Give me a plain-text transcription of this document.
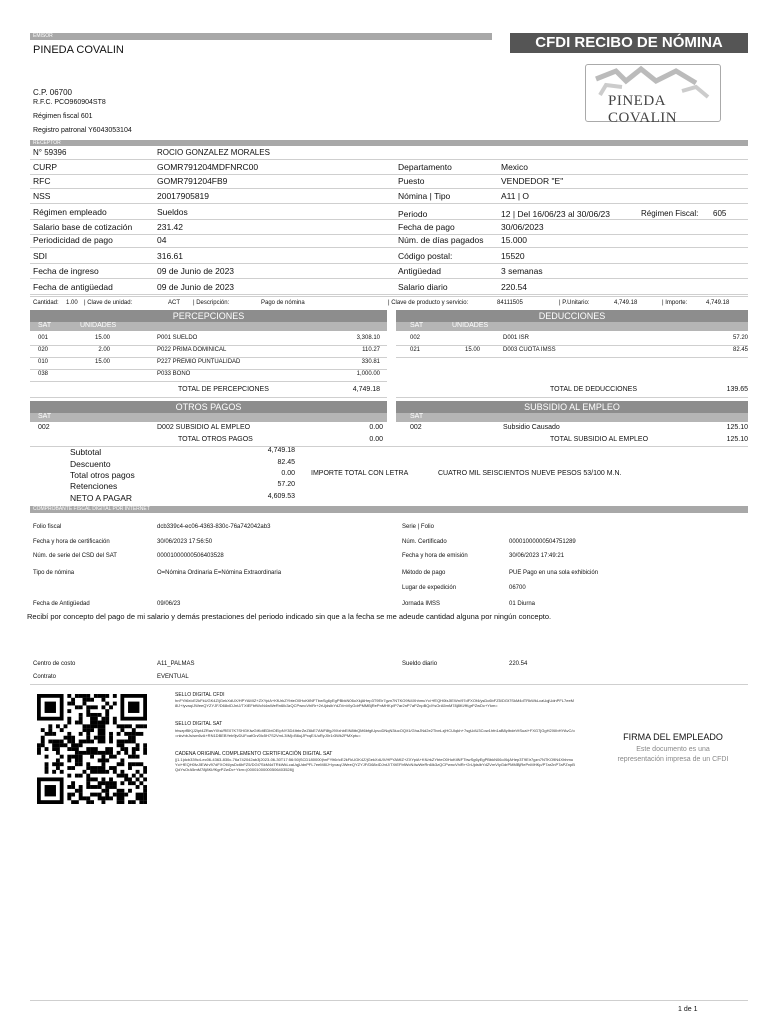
EMISOR
PINEDA COVALIN	CFDI RECIBO DE NÓMINA
PINEDA COVALIN
C.P. 06700
R.F.C. PCO960904ST8
Régimen fiscal 601
Registro patronal Y6043053104
RECEPTOR
N° 59396	ROCIO GONZALEZ MORALES
CURP	GOMR791204MDFNRC00
RFC	GOMR791204FB9
NSS	20017905819
Régimen empleado	Sueldos
Salario base de cotización	231.42
Periodicidad de pago	04
SDI	316.61
Fecha de ingreso	09 de Junio de 2023
Fecha de antigüedad	09 de Junio de 2023
Departamento	Mexico
Puesto	VENDEDOR "E"
Nómina | Tipo	A11 | O
Periodo	12 | Del 16/06/23 al 30/06/23
Fecha de pago	30/06/2023
Núm. de días pagados 15.000
Código postal:	15520
Antigüedad	3 semanas
Salario diario	220.54
Régimen Fiscal: 605
Cantidad: 1.00 | Clave de unidad:	ACT | Descripción:	Pago de nómina	| Clave de producto y servicio:	84111505	| P.Unitario:	4,749.18	| Importe:	4,749.18
PERCEPCIONES
SAT	UNIDADES
001	15.00	P001 SUELDO	3,308.10
020	2.00	P022 PRIMA DOMINICAL	110.27
010	15.00	P227 PREMIO PUNTUALIDAD	330.81
038	P033 BONO	1,000.00
TOTAL DE PERCEPCIONES	4,749.18
DEDUCCIONES
SAT	UNIDADES
002	D001 ISR	57.20
021	15.00	D003 CUOTA IMSS	82.45
TOTAL DE DEDUCCIONES	139.65
OTROS PAGOS
SAT
002	D002 SUBSIDIO AL EMPLEO	0.00
TOTAL OTROS PAGOS	0.00
SUBSIDIO AL EMPLEO
SAT
002	Subsidio Causado	125.10
TOTAL SUBSIDIO AL EMPLEO	125.10
Subtotal	4,749.18
Descuento	82.45
Total otros pagos	0.00
Retenciones	57.20
NETO A PAGAR	4,609.53
IMPORTE TOTAL CON LETRA	CUATRO MIL SEISCIENTOS NUEVE PESOS 53/100 M.N.
COMPROBANTE FISCAL DIGITAL POR INTERNET
Folio fiscal	dcb339c4-ec06-4363-830c-76a742042ab3
Fecha y hora de certificación	30/06/2023 17:56:50
Núm. de serie del CSD del SAT	00001000000506403528
Tipo de nómina	O=Nómina Ordinaria E=Nómina Extraordinaria
Fecha de Antigüedad	09/06/23
Serie | Folio
Núm. Certificado	00001000000504751289
Fecha y hora de emisión	30/06/2023 17:49:21
Método de pago	PUE Pago en una sola exhibición
Lugar de expedición	06700
Jornada IMSS	01 Diurna
Recibí por concepto del pago de mi salario y demás prestaciones del periodo indicado sin que a la fecha se me adeude cantidad alguna por ningún concepto.
Centro de costo	A11_PALMAS
Contrato	EVENTUAL
Sueldo diario	220.54
SELLO DIGITAL CFDI
hnFYlt6r/cE2kFkUGK4Z/jGekXdUX/HPYAMIZ+ZXYpiA+KfUrkZYbteO0HoKtlNFTbwSg6yEgPBbkN06oXkjAHep3T9Eir7gzn7NTKO9N4XhhmuYci+fEQH0fzJlEWn/97dFXOf4/ysDc6bFZ5/DGt7SkM4dTRkWkLcaUqjUdnPFL7eeM8lJ+Iyvaq/JWeeQYZYJF/D68xIDJntJ/TXtEFbfWcN4wWeRn6Ik3zQCPwncVhiRr+2rUjdslbYdZVmVlyGdrPMMBjRePnMHKp/P7ar2nP7aPZnpBQdYsOrA5mM78j8KI/fKgrPZwDc+Ykm=
SELLO DIGITAL SAT
htwzpfBKjJ2ipt4ZRasYtXsi/RE07K7SHGKlwGtKdtEDbtOEIpNY3D4ItrbrZeZ6kE7ANF8fgJ9XxhbEIN8tbQM6bfglUpvoDNqN3lucOQ/t1/GhaJNd2e2TivnLzjHCUIqkh+7sgUdU3Cow1hfn1aB8yIbdeVtSuaI+FXG7jGgH2XiIbHYAvC/o=nkvhbJs/sm6vA+RN1DBEBYeb9jvDUFoafGn/0lc5H7S2VmL3IMj=B6ujJPxqE/UuRyJ0r1r3Wk2PMXptu=
CADENA ORIGINAL COMPLEMENTO CERTIFICACIÓN DIGITAL SAT
||1.1|dcb339c4-ec06-4363-830c-76a742042ab3|2023-06-30T17:56:50|SCD180000|hnFYlt6r/cE2kFkUGK4Z/jGekXdUX/HPYAMIZ+ZXYpiA+KfUrkZYbteO0HoKtlNFTbwSg6yEgPBbkN06oXkjAHep3T9Eir7gzn7NTKO9N4XhhmuYci+fEQH0fzJlEWn/97dFXOf4/ysDc6bFZ5/DGt7SkM4dTRkWkLcaUqjUdnPFL7eeM8lJ+Iyvaq/JWeeQYZYJF/D68xIDJntJ/TXtEFbfWcN4wWeRn6Ik3zQCPwncVhiRr+2rUjdslbYdZVmVlyGdrPMMBjRePnMHKp/P7ar2nP7aPZnpBQdYsOrA5mM78j8KI/fKgrPZwDc+Ykm=|00001000000506403528||
FIRMA DEL EMPLEADO
Este documento es una representación impresa de un CFDI
1 de 1
